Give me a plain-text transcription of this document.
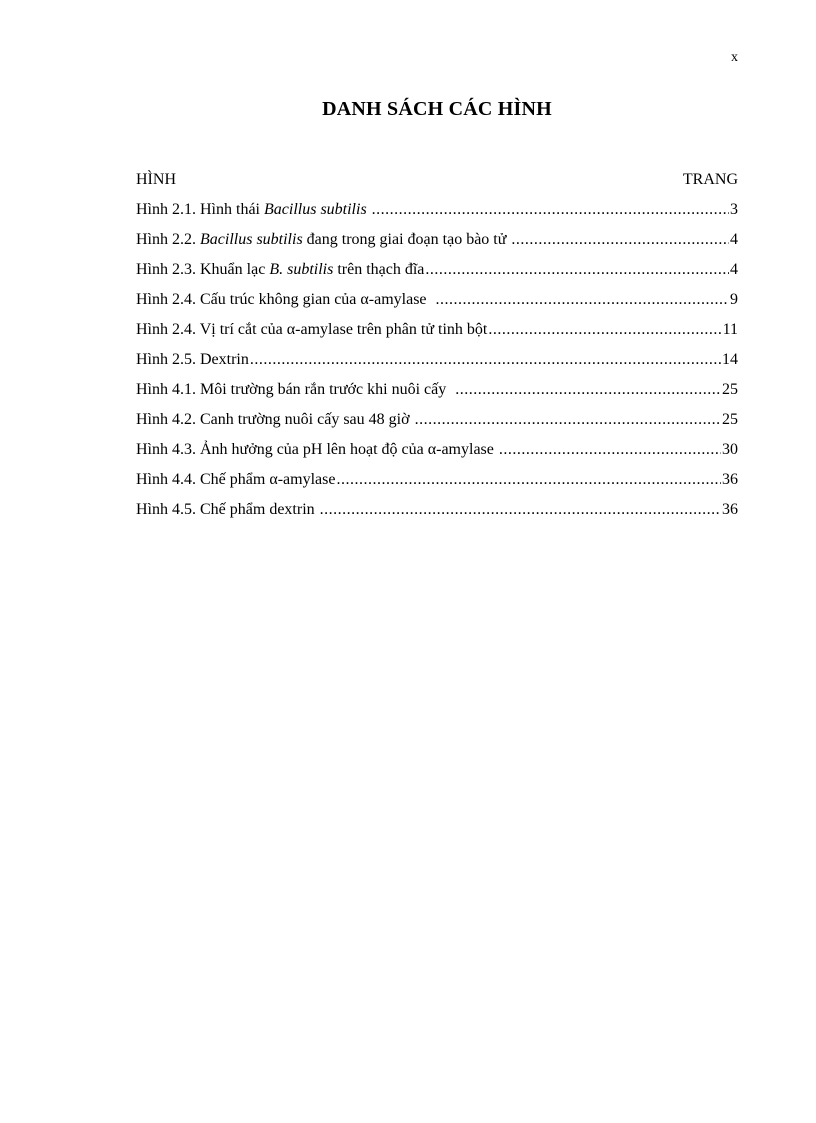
x
DANH SÁCH CÁC HÌNH
HÌNH	TRANG
Hình 2.1. Hình thái Bacillus subtilis .....	3
Hình 2.2. Bacillus subtilis đang trong giai đoạn tạo bào tử .....	4
Hình 2.3. Khuẩn lạc B. subtilis trên thạch đĩa .....	4
Hình 2.4. Cấu trúc không gian của α-amylase .....	9
Hình 2.4. Vị trí cắt của α-amylase trên phân tử tinh bột .....	11
Hình 2.5. Dextrin .....	14
Hình 4.1. Môi trường bán rắn trước khi nuôi cấy .....	25
Hình 4.2. Canh trường nuôi cấy sau 48 giờ .....	25
Hình 4.3. Ảnh hưởng của pH lên hoạt độ của α-amylase .....	30
Hình 4.4. Chế phẩm α-amylase .....	36
Hình 4.5. Chế phẩm dextrin .....	36
